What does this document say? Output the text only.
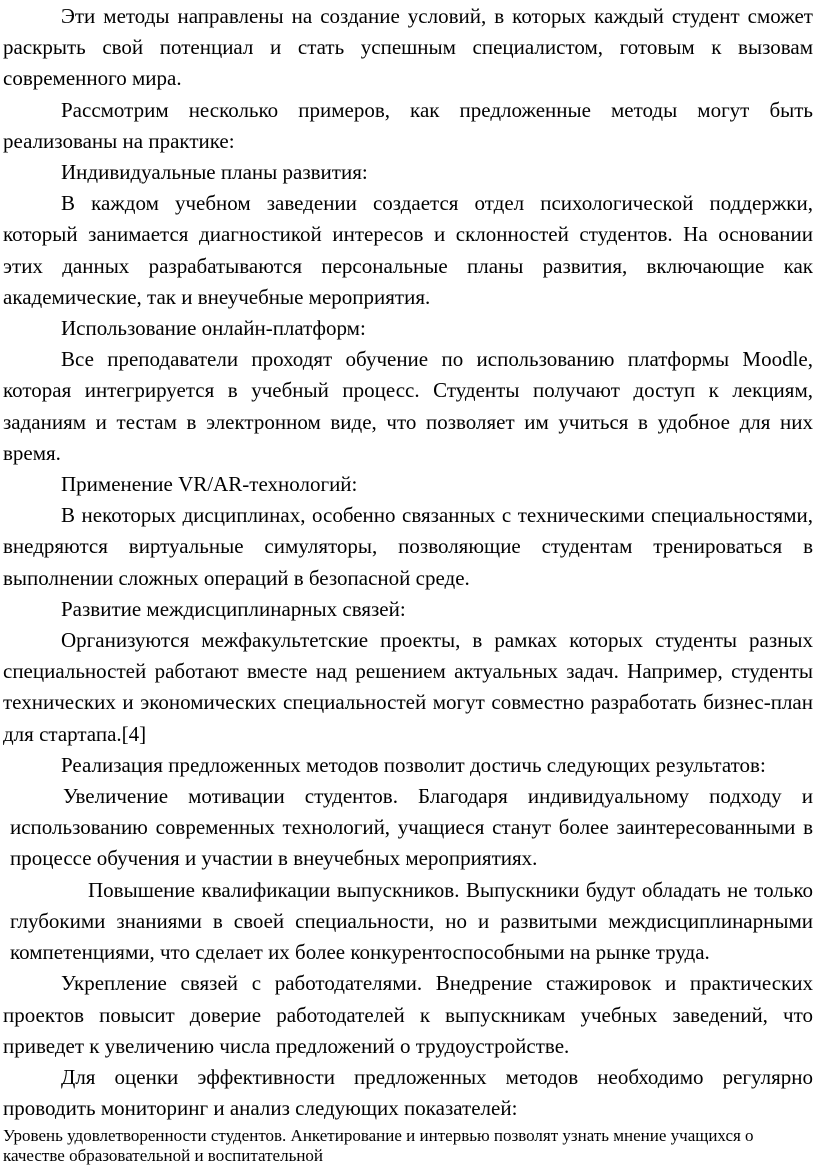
Эти методы направлены на создание условий, в которых каждый студент сможет раскрыть свой потенциал и стать успешным специалистом, готовым к вызовам современного мира.

Рассмотрим несколько примеров, как предложенные методы могут быть реализованы на практике:

Индивидуальные планы развития:

В каждом учебном заведении создается отдел психологической поддержки, который занимается диагностикой интересов и склонностей студентов. На основании этих данных разрабатываются персональные планы развития, включающие как академические, так и внеучебные мероприятия.

Использование онлайн-платформ:

Все преподаватели проходят обучение по использованию платформы Moodle, которая интегрируется в учебный процесс. Студенты получают доступ к лекциям, заданиям и тестам в электронном виде, что позволяет им учиться в удобное для них время.

Применение VR/AR-технологий:

В некоторых дисциплинах, особенно связанных с техническими специальностями, внедряются виртуальные симуляторы, позволяющие студентам тренироваться в выполнении сложных операций в безопасной среде.

Развитие междисциплинарных связей:

Организуются межфакультетские проекты, в рамках которых студенты разных специальностей работают вместе над решением актуальных задач. Например, студенты технических и экономических специальностей могут совместно разработать бизнес-план для стартапа.[4]

Реализация предложенных методов позволит достичь следующих результатов:

Увеличение мотивации студентов. Благодаря индивидуальному подходу и использованию современных технологий, учащиеся станут более заинтересованными в процессе обучения и участии в внеучебных мероприятиях.

Повышение квалификации выпускников. Выпускники будут обладать не только глубокими знаниями в своей специальности, но и развитыми междисциплинарными компетенциями, что сделает их более конкурентоспособными на рынке труда.

Укрепление связей с работодателями. Внедрение стажировок и практических проектов повысит доверие работодателей к выпускникам учебных заведений, что приведет к увеличению числа предложений о трудоустройстве.

Для оценки эффективности предложенных методов необходимо регулярно проводить мониторинг и анализ следующих показателей:

Уровень удовлетворенности студентов. Анкетирование и интервью позволят узнать мнение учащихся о качестве образовательной и воспитательной
